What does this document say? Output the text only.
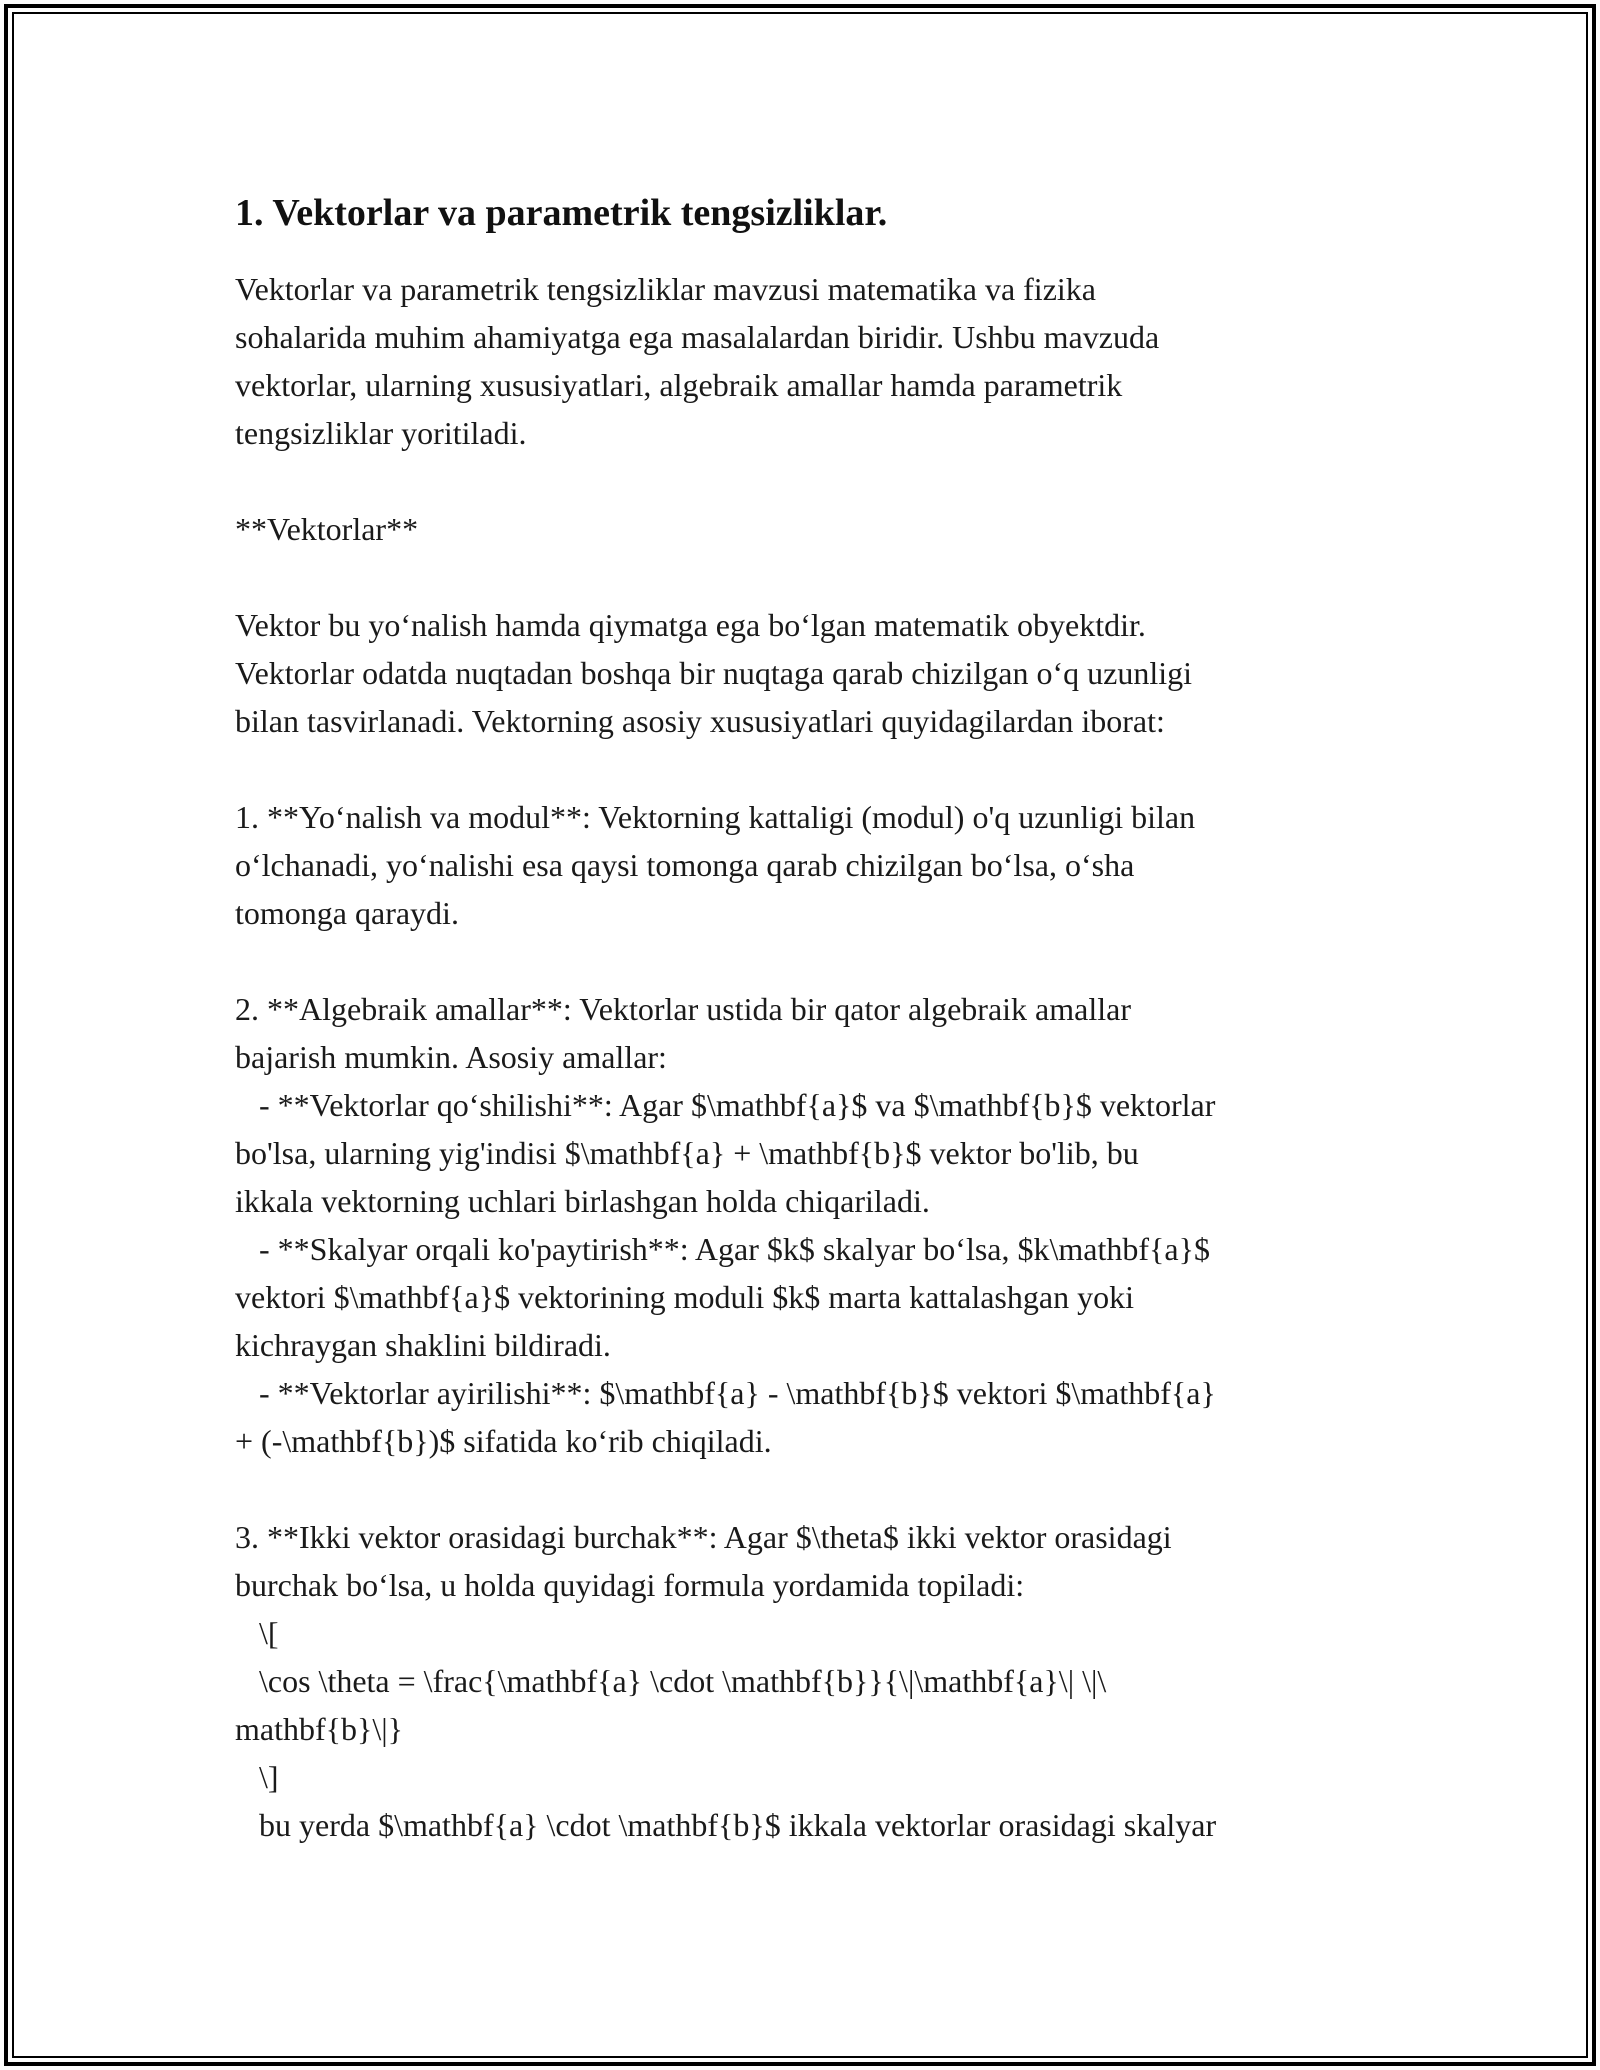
1. Vektorlar va parametrik tengsizliklar.
Vektorlar va parametrik tengsizliklar mavzusi matematika va fizika
sohalarida muhim ahamiyatga ega masalalardan biridir. Ushbu mavzuda
vektorlar, ularning xususiyatlari, algebraik amallar hamda parametrik
tengsizliklar yoritiladi.
**Vektorlar**
Vektor bu yo‘nalish hamda qiymatga ega bo‘lgan matematik obyektdir.
Vektorlar odatda nuqtadan boshqa bir nuqtaga qarab chizilgan o‘q uzunligi
bilan tasvirlanadi. Vektorning asosiy xususiyatlari quyidagilardan iborat:
1. **Yo‘nalish va modul**: Vektorning kattaligi (modul) o'q uzunligi bilan
o‘lchanadi, yo‘nalishi esa qaysi tomonga qarab chizilgan bo‘lsa, o‘sha
tomonga qaraydi.
2. **Algebraik amallar**: Vektorlar ustida bir qator algebraik amallar
bajarish mumkin. Asosiy amallar:
- **Vektorlar qo‘shilishi**: Agar $\mathbf{a}$ va $\mathbf{b}$ vektorlar
bo'lsa, ularning yig'indisi $\mathbf{a} + \mathbf{b}$ vektor bo'lib, bu
ikkala vektorning uchlari birlashgan holda chiqariladi.
- **Skalyar orqali ko'paytirish**: Agar $k$ skalyar bo‘lsa, $k\mathbf{a}$
vektori $\mathbf{a}$ vektorining moduli $k$ marta kattalashgan yoki
kichraygan shaklini bildiradi.
- **Vektorlar ayirilishi**: $\mathbf{a} - \mathbf{b}$ vektori $\mathbf{a}
+ (-\mathbf{b})$ sifatida ko‘rib chiqiladi.
3. **Ikki vektor orasidagi burchak**: Agar $\theta$ ikki vektor orasidagi
burchak bo‘lsa, u holda quyidagi formula yordamida topiladi:
\[
\cos \theta = \frac{\mathbf{a} \cdot \mathbf{b}}{\|\mathbf{a}\| \|\
mathbf{b}\|}
\]
bu yerda $\mathbf{a} \cdot \mathbf{b}$ ikkala vektorlar orasidagi skalyar
